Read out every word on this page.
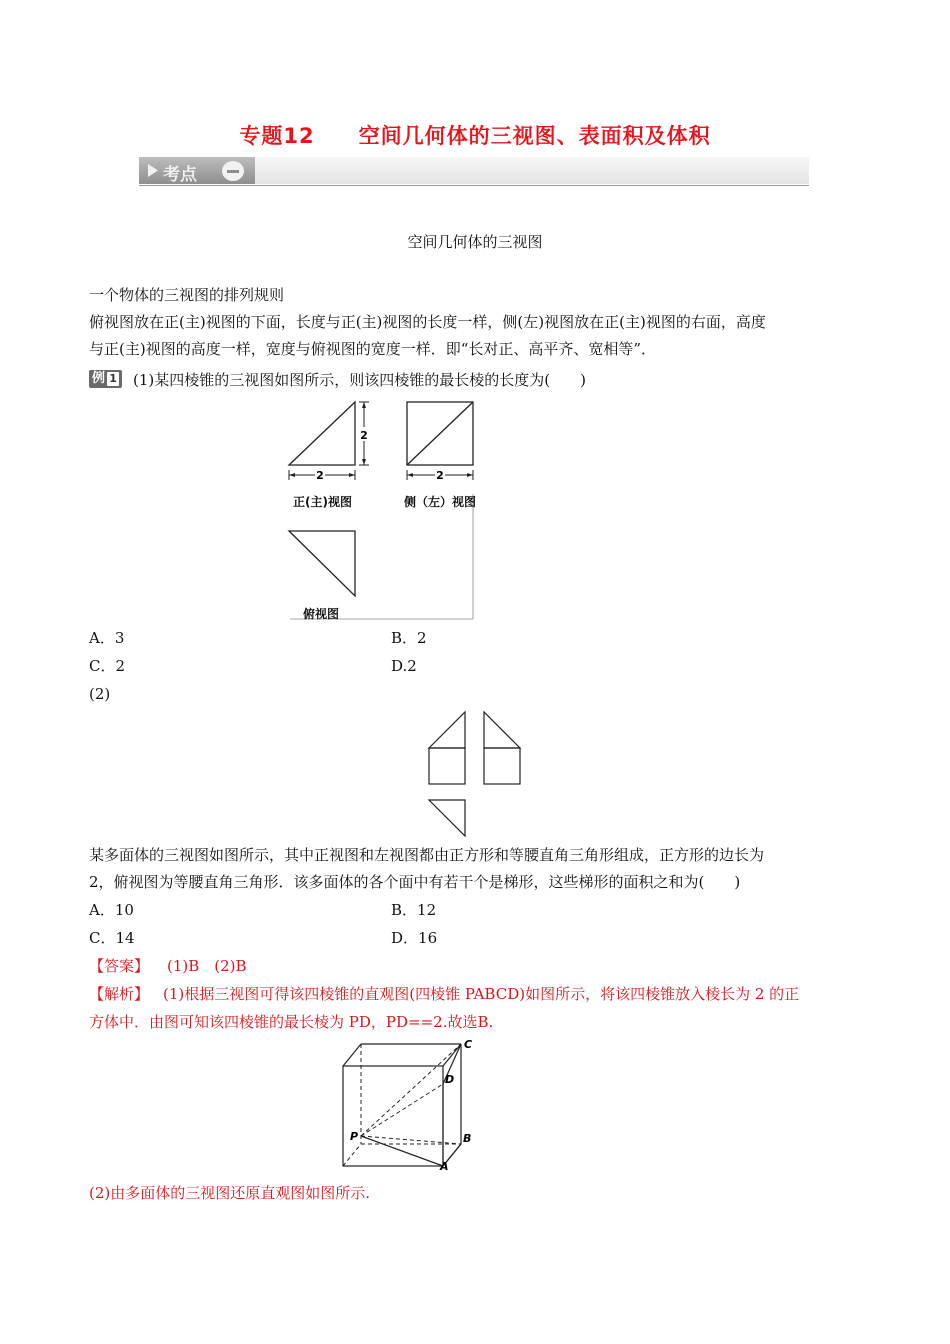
专题12 空间几何体的三视图、表面积及体积
考点
空间几何体的三视图

一个物体的三视图的排列规则

俯视图放在正(主)视图的下面，长度与正(主)视图的长度一样，侧(左)视图放在正(主)视图的右面，高度

与正(主)视图的高度一样，宽度与俯视图的宽度一样．即“长对正、高平齐、宽相等”．

例 1	(1)某四棱锥的三视图如图所示，则该四棱锥的最长棱的长度为(　　)

2
2
2
正(主)视图	侧（左）视图
俯视图

A．3	B．2

C．2	D.2

(2)

某多面体的三视图如图所示，其中正视图和左视图都由正方形和等腰直角三角形组成，正方形的边长为

2，俯视图为等腰直角三角形．该多面体的各个面中有若干个是梯形，这些梯形的面积之和为(　　)

A．10	B．12

C．14	D．16

【答案】 (1)B　(2)B

【解析】 (1)根据三视图可得该四棱锥的直观图(四棱锥 PABCD)如图所示，将该四棱锥放入棱长为 2 的正

方体中．由图可知该四棱锥的最长棱为 PD，PD==2.故选B.

C
D
P	B
A

(2)由多面体的三视图还原直观图如图所示.
